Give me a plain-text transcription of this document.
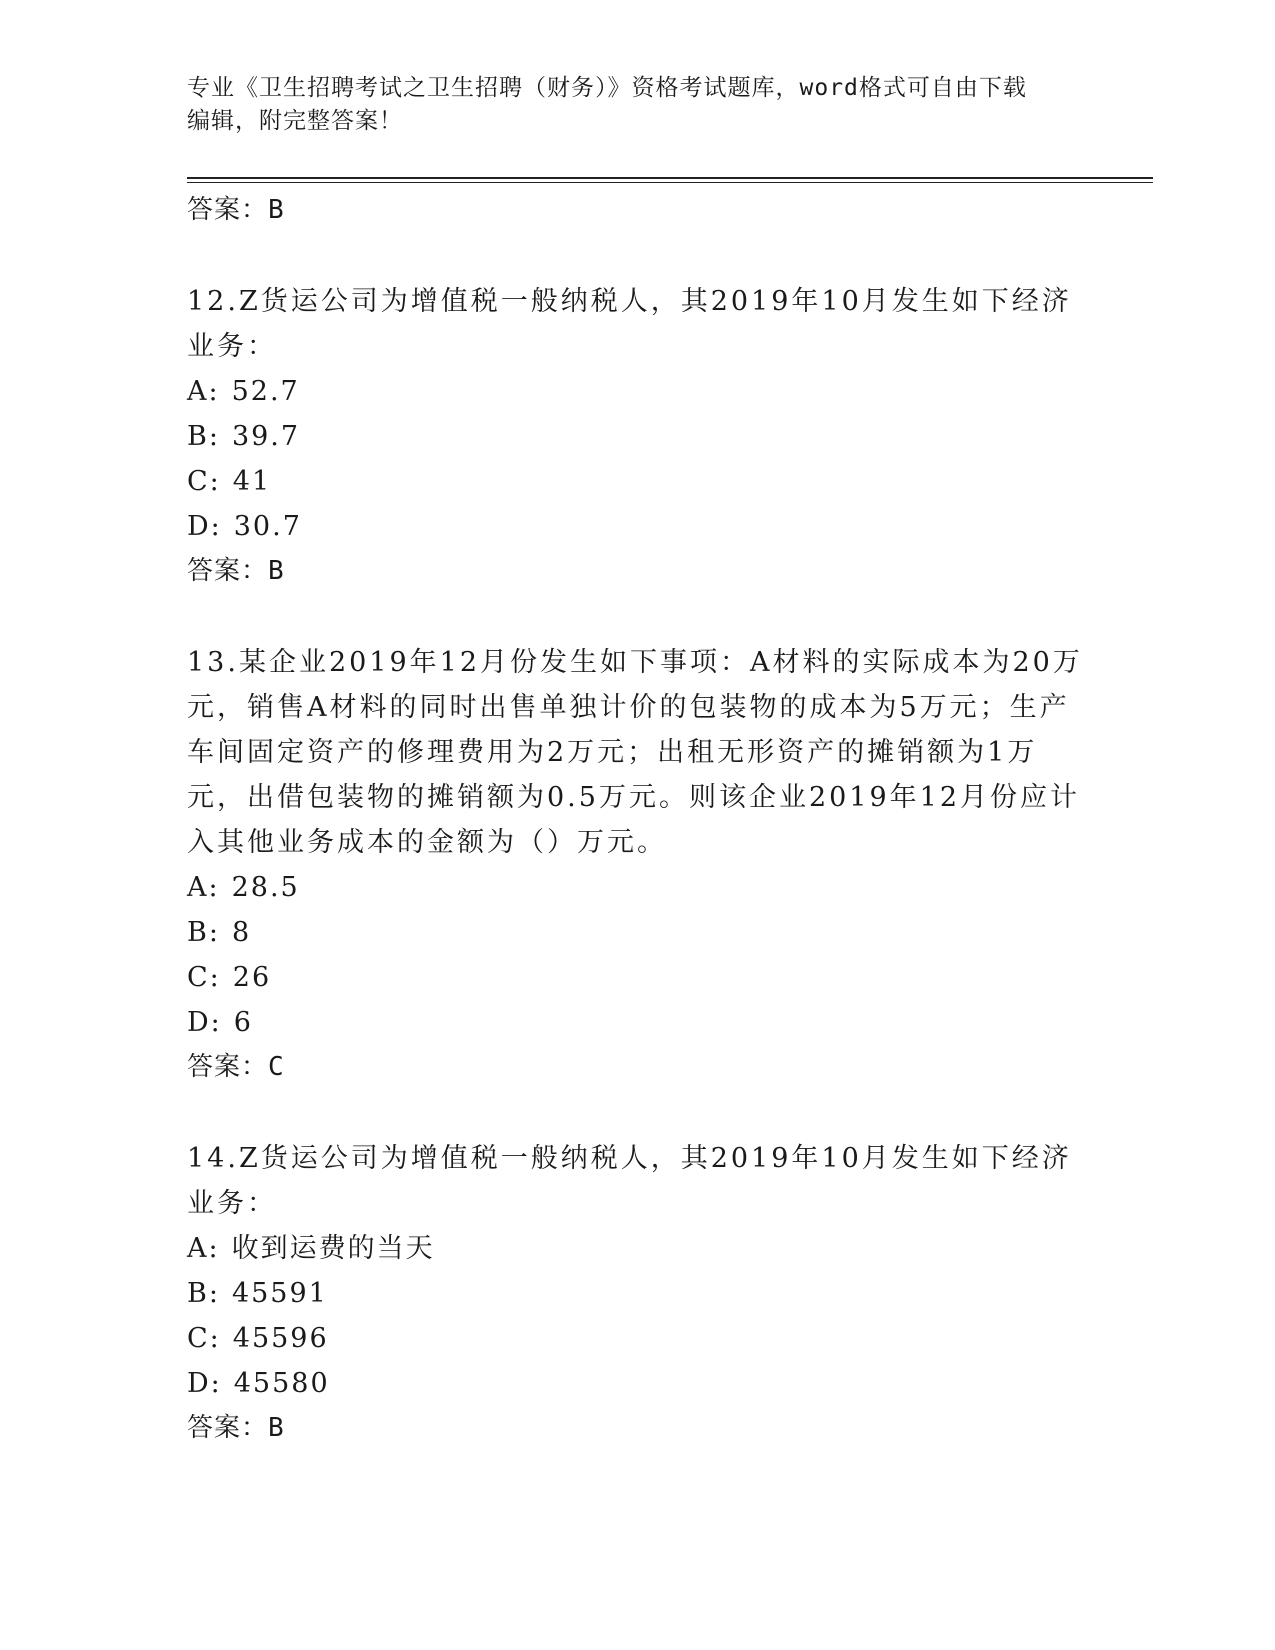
专业《卫生招聘考试之卫生招聘（财务）》资格考试题库，word格式可自由下载
编辑，附完整答案！
答案：B

12.Z货运公司为增值税一般纳税人，其2019年10月发生如下经济业务：

A: 52.7
B: 39.7
C: 41
D: 30.7
答案：B

13.某企业2019年12月份发生如下事项：A材料的实际成本为20万元，销售A材料的同时出售单独计价的包装物的成本为5万元；生产车间固定资产的修理费用为2万元；出租无形资产的摊销额为1万元，出借包装物的摊销额为0.5万元。则该企业2019年12月份应计入其他业务成本的金额为（）万元。

A: 28.5
B: 8
C: 26
D: 6
答案：C

14.Z货运公司为增值税一般纳税人，其2019年10月发生如下经济业务：

A: 收到运费的当天
B: 45591
C: 45596
D: 45580
答案：B
